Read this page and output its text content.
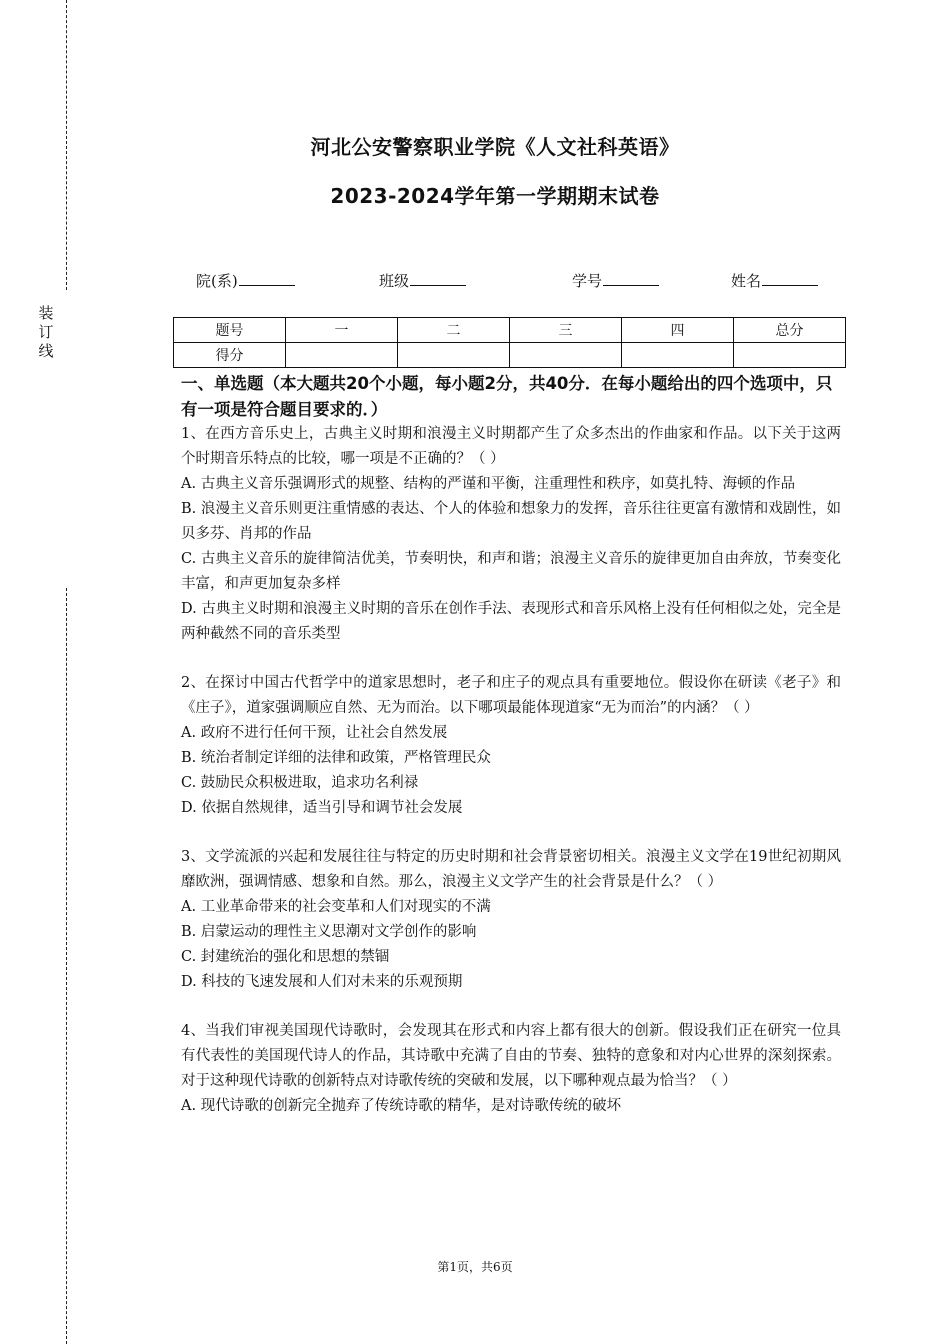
装
订
线
河北公安警察职业学院《人文社科英语》
2023-2024学年第一学期期末试卷
院(系)	班级	学号	姓名
题号	一	二	三	四	总分
得分					
一、单选题（本大题共20个小题，每小题2分，共40分．在每小题给出的四个选项中，只有一项是符合题目要求的．）

1、在西方音乐史上，古典主义时期和浪漫主义时期都产生了众多杰出的作曲家和作品。以下关于这两个时期音乐特点的比较，哪一项是不正确的？（ ）

A. 古典主义音乐强调形式的规整、结构的严谨和平衡，注重理性和秩序，如莫扎特、海顿的作品

B. 浪漫主义音乐则更注重情感的表达、个人的体验和想象力的发挥，音乐往往更富有激情和戏剧性，如贝多芬、肖邦的作品

C. 古典主义音乐的旋律简洁优美，节奏明快，和声和谐；浪漫主义音乐的旋律更加自由奔放，节奏变化丰富，和声更加复杂多样

D. 古典主义时期和浪漫主义时期的音乐在创作手法、表现形式和音乐风格上没有任何相似之处，完全是两种截然不同的音乐类型

2、在探讨中国古代哲学中的道家思想时，老子和庄子的观点具有重要地位。假设你在研读《老子》和《庄子》，道家强调顺应自然、无为而治。以下哪项最能体现道家“无为而治”的内涵？（ ）

A. 政府不进行任何干预，让社会自然发展

B. 统治者制定详细的法律和政策，严格管理民众

C. 鼓励民众积极进取，追求功名利禄

D. 依据自然规律，适当引导和调节社会发展

3、文学流派的兴起和发展往往与特定的历史时期和社会背景密切相关。浪漫主义文学在19世纪初期风靡欧洲，强调情感、想象和自然。那么，浪漫主义文学产生的社会背景是什么？（ ）

A. 工业革命带来的社会变革和人们对现实的不满

B. 启蒙运动的理性主义思潮对文学创作的影响

C. 封建统治的强化和思想的禁锢

D. 科技的飞速发展和人们对未来的乐观预期

4、当我们审视美国现代诗歌时，会发现其在形式和内容上都有很大的创新。假设我们正在研究一位具有代表性的美国现代诗人的作品，其诗歌中充满了自由的节奏、独特的意象和对内心世界的深刻探索。对于这种现代诗歌的创新特点对诗歌传统的突破和发展，以下哪种观点最为恰当？（ ）

A. 现代诗歌的创新完全抛弃了传统诗歌的精华，是对诗歌传统的破坏

第1页，共6页
